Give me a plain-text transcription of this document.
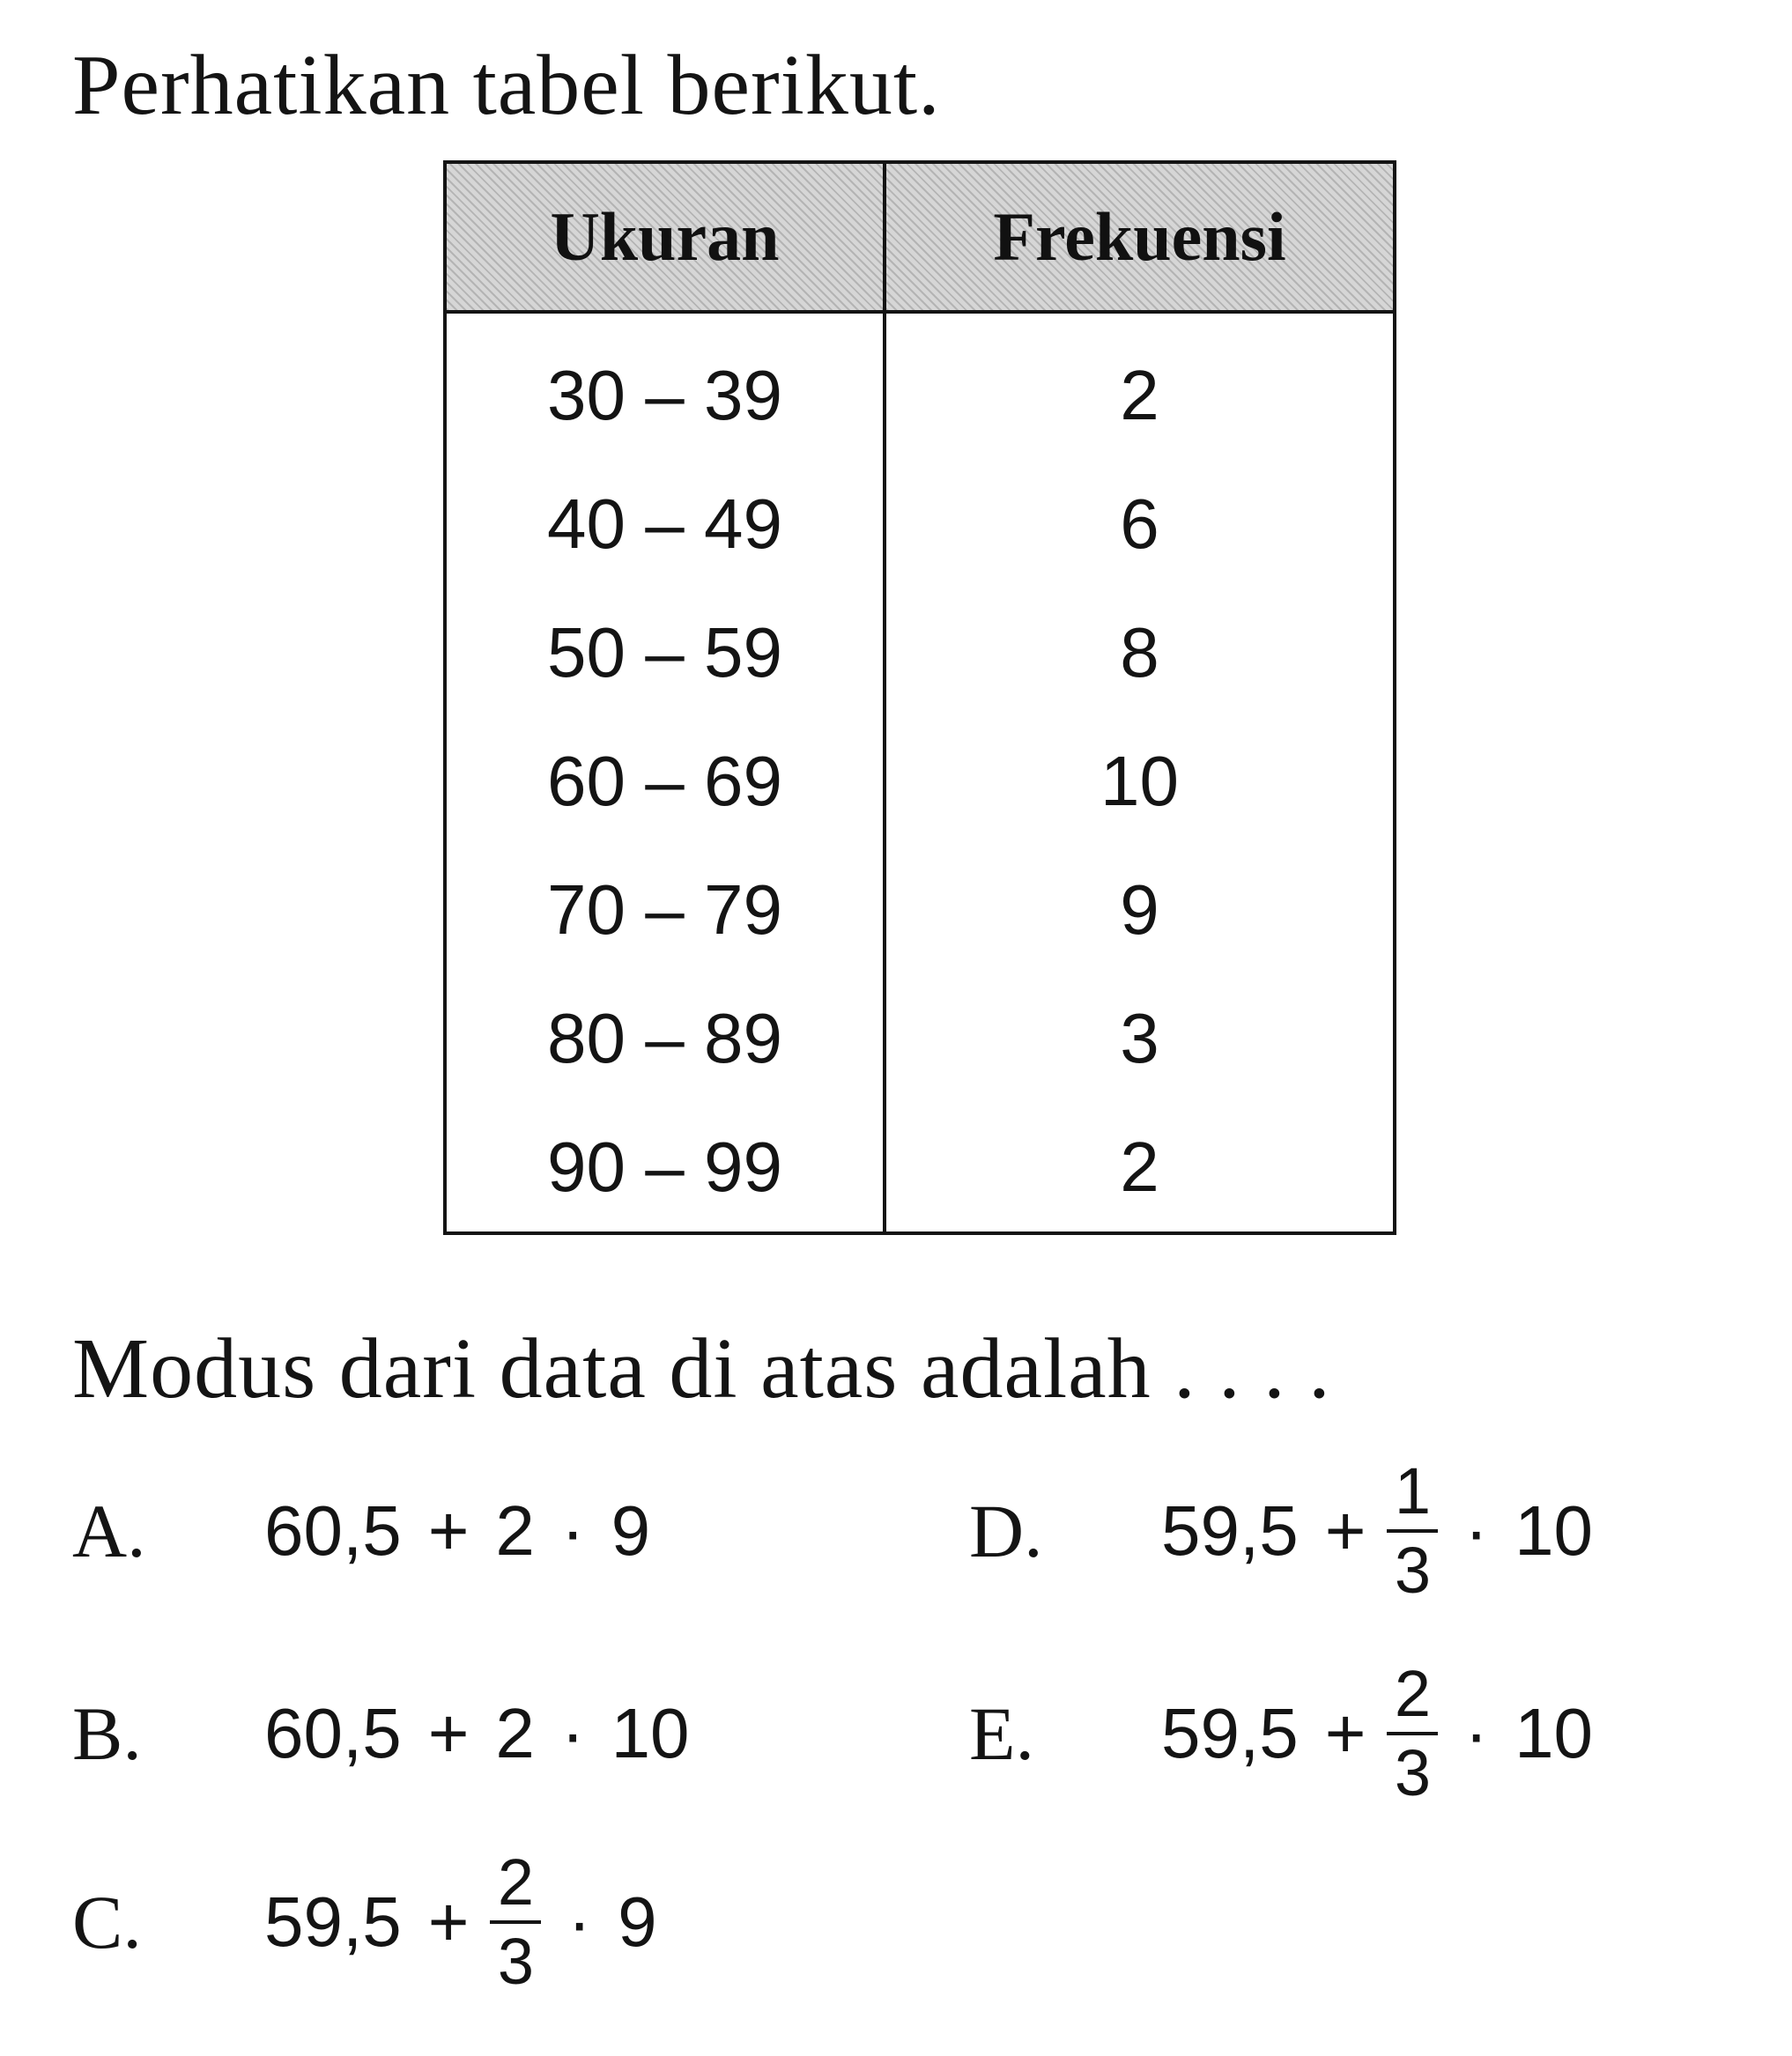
Perhatikan tabel berikut.
Ukuran	Frekuensi
30 – 39	2
40 – 49	6
50 – 59	8
60 – 69	10
70 – 79	9
80 – 89	3
90 – 99	2
Modus dari data di atas adalah . . . .
A. 60,5 + 2 · 9
B. 60,5 + 2 · 10
C. $59,5 + \frac{2}{3} \cdot 9$
D. $59,5 + \frac{1}{3} \cdot 10$
E. $59,5 + \frac{2}{3} \cdot 10$
